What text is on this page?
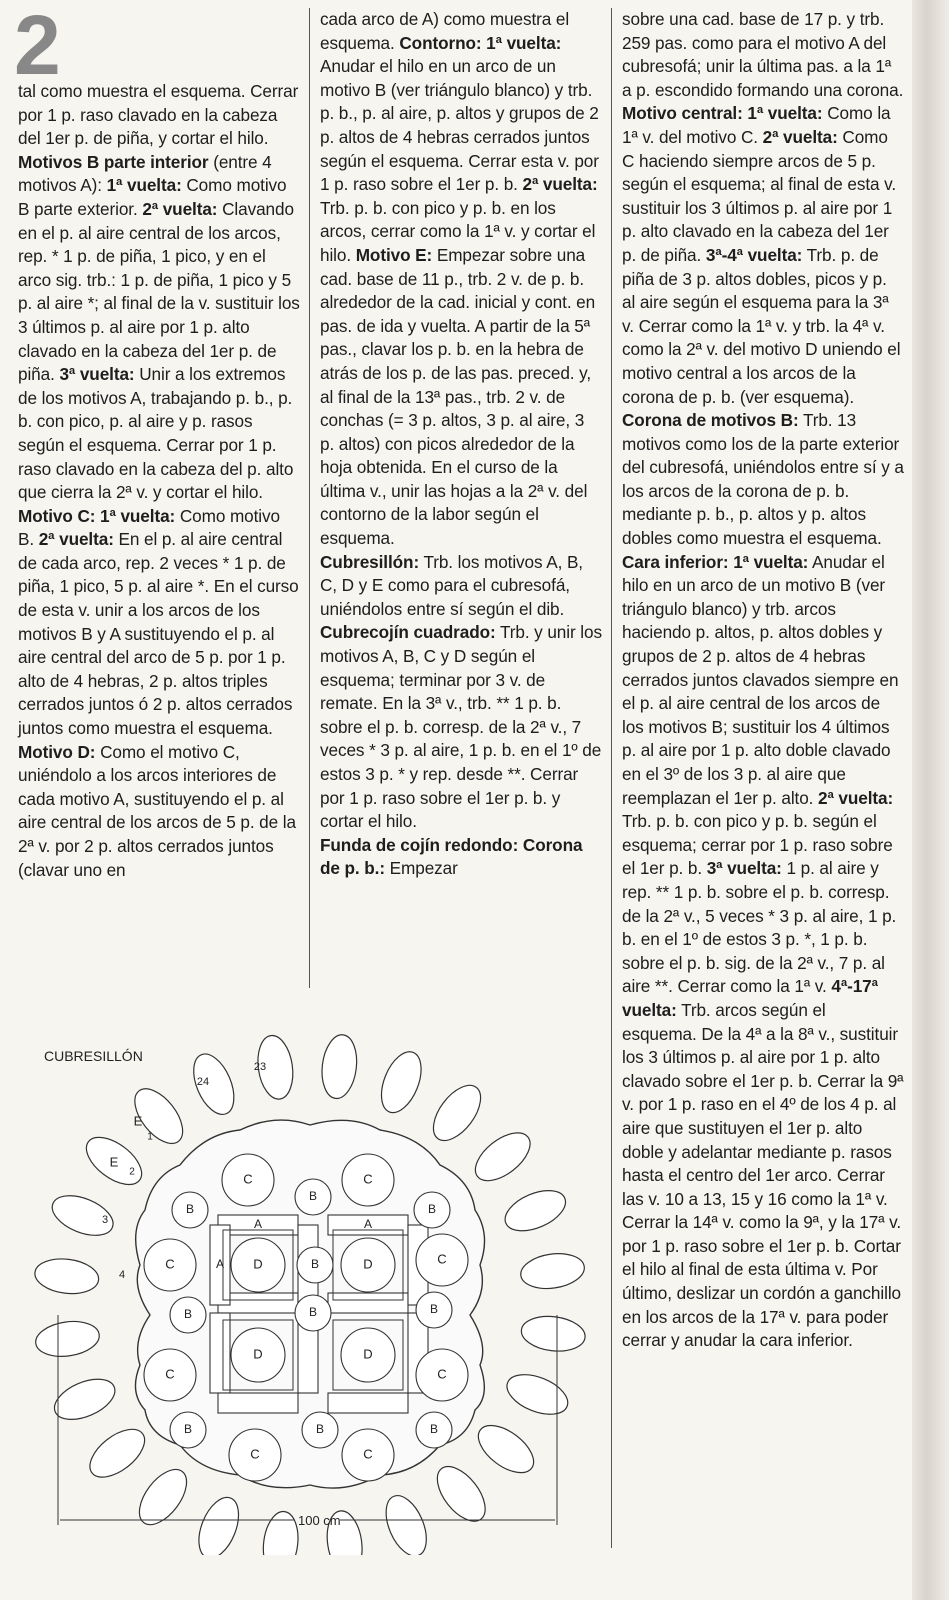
2

tal como muestra el esquema. Cerrar por 1 p. raso clavado en la cabeza del 1er p. de piña, y cortar el hilo. Motivos B parte interior (entre 4 motivos A): 1ª vuelta: Como motivo B parte exterior. 2ª vuelta: Clavando en el p. al aire central de los arcos, rep. * 1 p. de piña, 1 pico, y en el arco sig. trb.: 1 p. de piña, 1 pico y 5 p. al aire *; al final de la v. sustituir los 3 últimos p. al aire por 1 p. alto clavado en la cabeza del 1er p. de piña. 3ª vuelta: Unir a los extremos de los motivos A, trabajando p. b., p. b. con pico, p. al aire y p. rasos según el esquema. Cerrar por 1 p. raso clavado en la cabeza del p. alto que cierra la 2ª v. y cortar el hilo. Motivo C: 1ª vuelta: Como motivo B. 2ª vuelta: En el p. al aire central de cada arco, rep. 2 veces * 1 p. de piña, 1 pico, 5 p. al aire *. En el curso de esta v. unir a los arcos de los motivos B y A sustituyendo el p. al aire central del arco de 5 p. por 1 p. alto de 4 hebras, 2 p. altos triples cerrados juntos ó 2 p. altos cerrados juntos como muestra el esquema. Motivo D: Como el motivo C, uniéndolo a los arcos interiores de cada motivo A, sustituyendo el p. al aire central de los arcos de 5 p. de la 2ª v. por 2 p. altos cerrados juntos (clavar uno en

cada arco de A) como muestra el esquema. Contorno: 1ª vuelta: Anudar el hilo en un arco de un motivo B (ver triángulo blanco) y trb. p. b., p. al aire, p. altos y grupos de 2 p. altos de 4 hebras cerrados juntos según el esquema. Cerrar esta v. por 1 p. raso sobre el 1er p. b. 2ª vuelta: Trb. p. b. con pico y p. b. en los arcos, cerrar como la 1ª v. y cortar el hilo. Motivo E: Empezar sobre una cad. base de 11 p., trb. 2 v. de p. b. alrededor de la cad. inicial y cont. en pas. de ida y vuelta. A partir de la 5ª pas., clavar los p. b. en la hebra de atrás de los p. de las pas. preced. y, al final de la 13ª pas., trb. 2 v. de conchas (= 3 p. altos, 3 p. al aire, 3 p. altos) con picos alrededor de la hoja obtenida. En el curso de la última v., unir las hojas a la 2ª v. del contorno de la labor según el esquema.

Cubresillón: Trb. los motivos A, B, C, D y E como para el cubresofá, uniéndolos entre sí según el dib.

Cubrecojín cuadrado: Trb. y unir los motivos A, B, C y D según el esquema; terminar por 3 v. de remate. En la 3ª v., trb. ** 1 p. b. sobre el p. b. corresp. de la 2ª v., 7 veces * 3 p. al aire, 1 p. b. en el 1º de estos 3 p. * y rep. desde **. Cerrar por 1 p. raso sobre el 1er p. b. y cortar el hilo.

Funda de cojín redondo: Corona de p. b.: Empezar

sobre una cad. base de 17 p. y trb. 259 pas. como para el motivo A del cubresofá; unir la última pas. a la 1ª a p. escondido formando una corona. Motivo central: 1ª vuelta: Como la 1ª v. del motivo C. 2ª vuelta: Como C haciendo siempre arcos de 5 p. según el esquema; al final de esta v. sustituir los 3 últimos p. al aire por 1 p. alto clavado en la cabeza del 1er p. de piña. 3ª-4ª vuelta: Trb. p. de piña de 3 p. altos dobles, picos y p. al aire según el esquema para la 3ª v. Cerrar como la 1ª v. y trb. la 4ª v. como la 2ª v. del motivo D uniendo el motivo central a los arcos de la corona de p. b. (ver esquema). Corona de motivos B: Trb. 13 motivos como los de la parte exterior del cubresofá, uniéndolos entre sí y a los arcos de la corona de p. b. mediante p. b., p. altos y p. altos dobles como muestra el esquema. Cara inferior: 1ª vuelta: Anudar el hilo en un arco de un motivo B (ver triángulo blanco) y trb. arcos haciendo p. altos, p. altos dobles y grupos de 2 p. altos de 4 hebras cerrados juntos clavados siempre en el p. al aire central de los arcos de los motivos B; sustituir los 4 últimos p. al aire por 1 p. alto doble clavado en el 3º de los 3 p. al aire que reemplazan el 1er p. alto. 2ª vuelta: Trb. p. b. con pico y p. b. según el esquema; cerrar por 1 p. raso sobre el 1er p. b. 3ª vuelta: 1 p. al aire y rep. ** 1 p. b. sobre el p. b. corresp. de la 2ª v., 5 veces * 3 p. al aire, 1 p. b. en el 1º de estos 3 p. *, 1 p. b. sobre el p. b. sig. de la 2ª v., 7 p. al aire **. Cerrar como la 1ª v. 4ª-17ª vuelta: Trb. arcos según el esquema. De la 4ª a la 8ª v., sustituir los 3 últimos p. al aire por 1 p. alto clavado sobre el 1er p. b. Cerrar la 9ª v. por 1 p. raso en el 4º de los 4 p. al aire que sustituyen el 1er p. alto doble y adelantar mediante p. rasos hasta el centro del 1er arco. Cerrar las v. 10 a 13, 15 y 16 como la 1ª v. Cerrar la 14ª v. como la 9ª, y la 17ª v. por 1 p. raso sobre el 1er p. b. Cortar el hilo al final de esta última v. Por último, deslizar un cordón a ganchillo en los arcos de la 17ª v. para poder cerrar y anudar la cara inferior.

CUBRESILLÓN
D	D
D	D
C	C
C	C
C	C
C	C
B
B
B
B	B
B
B
B	B	B
A	A
A
E
1
E
2
3
4
24
23
100 cm
